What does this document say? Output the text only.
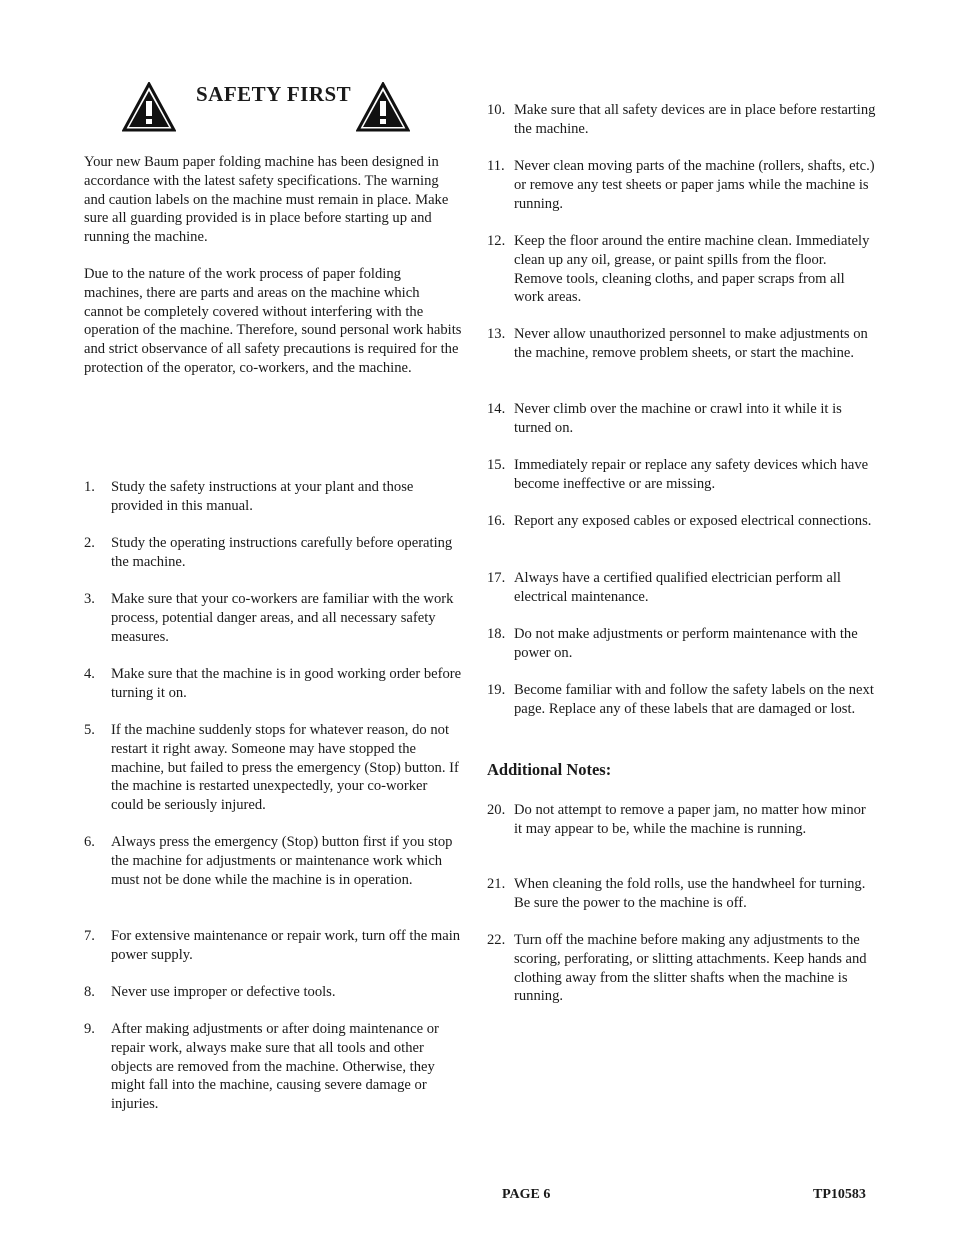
SAFETY FIRST

Your new Baum paper folding machine has been designed in accordance with the latest safety specifications. The warning and caution labels on the machine must remain in place. Make sure all guarding provided is in place before starting up and running the machine.

Due to the nature of the work process of paper folding machines, there are parts and areas on the machine which cannot be completely covered without interfering with the operation of the machine. Therefore, sound personal work habits and strict observance of all safety precautions is required for the protection of the operator, co-workers, and the machine.

1. Study the safety instructions at your plant and those provided in this manual.
2. Study the operating instructions carefully before operating the machine.
3. Make sure that your co-workers are familiar with the work process, potential danger areas, and all necessary safety measures.
4. Make sure that the machine is in good working order before turning it on.
5. If the machine suddenly stops for whatever reason, do not restart it right away. Someone may have stopped the machine, but failed to press the emergency (Stop) button. If the machine is restarted unexpectedly, your co-worker could be seriously injured.
6. Always press the emergency (Stop) button first if you stop the machine for adjustments or maintenance work which must not be done while the machine is in operation.
7. For extensive maintenance or repair work, turn off the main power supply.
8. Never use improper or defective tools.
9. After making adjustments or after doing maintenance or repair work, always make sure that all tools and other objects are removed from the machine. Otherwise, they might fall into the machine, causing severe damage or injuries.
10. Make sure that all safety devices are in place before restarting the machine.
11. Never clean moving parts of the machine (rollers, shafts, etc.) or remove any test sheets or paper jams while the machine is running.
12. Keep the floor around the entire machine clean. Immediately clean up any oil, grease, or paint spills from the floor. Remove tools, cleaning cloths, and paper scraps from all work areas.
13. Never allow unauthorized personnel to make adjustments on the machine, remove problem sheets, or start the machine.
14. Never climb over the machine or crawl into it while it is turned on.
15. Immediately repair or replace any safety devices which have become ineffective or are missing.
16. Report any exposed cables or exposed electrical connections.
17. Always have a certified qualified electrician perform all electrical maintenance.
18. Do not make adjustments or perform maintenance with the power on.
19. Become familiar with and follow the safety labels on the next page. Replace any of these labels that are damaged or lost.
Additional Notes:
20. Do not attempt to remove a paper jam, no matter how minor it may appear to be, while the machine is running.
21. When cleaning the fold rolls, use the handwheel for turning. Be sure the power to the machine is off.
22. Turn off the machine before making any adjustments to the scoring, perforating, or slitting attachments. Keep hands and clothing away from the slitter shafts when the machine is running.
PAGE 6	TP10583
